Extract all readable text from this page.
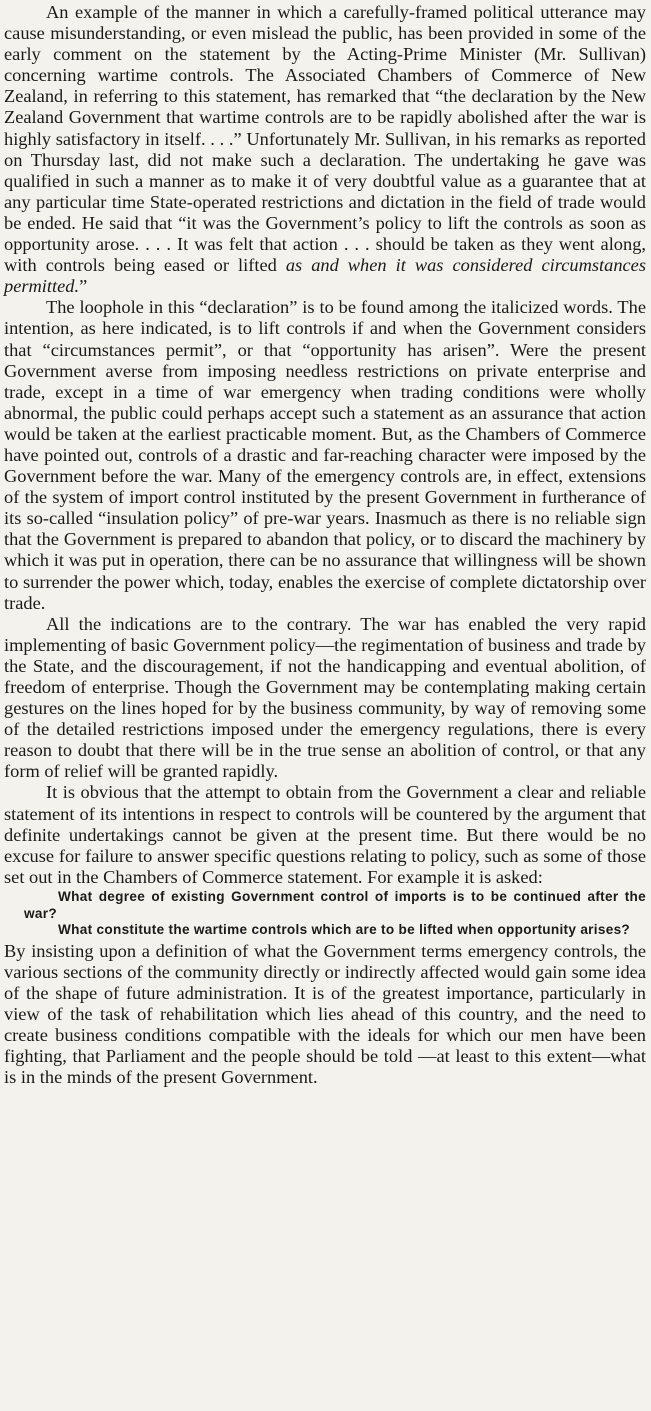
An example of the manner in which a carefully-framed political utterance may cause misunderstanding, or even mislead the public, has been provided in some of the early comment on the statement by the Acting-Prime Minister (Mr. Sullivan) concerning wartime controls. The Associated Chambers of Commerce of New Zealand, in referring to this statement, has remarked that “the declaration by the New Zealand Government that wartime controls are to be rapidly abolished after the war is highly satisfactory in itself. . . .” Unfortunately Mr. Sullivan, in his remarks as reported on Thursday last, did not make such a declaration. The undertaking he gave was qualified in such a manner as to make it of very doubtful value as a guarantee that at any particular time State-operated restrictions and dictation in the field of trade would be ended. He said that “it was the Government’s policy to lift the controls as soon as opportunity arose. . . . It was felt that action . . . should be taken as they went along, with controls being eased or lifted as and when it was considered circumstances permitted.”

The loophole in this “declaration” is to be found among the italicized words. The intention, as here indicated, is to lift controls if and when the Government considers that “circumstances permit”, or that “opportunity has arisen”. Were the present Government averse from imposing needless restrictions on private enterprise and trade, except in a time of war emergency when trading conditions were wholly abnormal, the public could perhaps accept such a statement as an assurance that action would be taken at the earliest practicable moment. But, as the Chambers of Commerce have pointed out, controls of a drastic and far-reaching character were imposed by the Government before the war. Many of the emergency controls are, in effect, extensions of the system of import control instituted by the present Government in furtherance of its so-called “insulation policy” of pre-war years. Inasmuch as there is no reliable sign that the Government is prepared to abandon that policy, or to discard the machinery by which it was put in operation, there can be no assurance that willingness will be shown to surrender the power which, today, enables the exercise of complete dictatorship over trade.

All the indications are to the contrary. The war has enabled the very rapid implementing of basic Government policy—the regimentation of business and trade by the State, and the discouragement, if not the handicapping and eventual abolition, of freedom of enterprise. Though the Government may be contemplating making certain gestures on the lines hoped for by the business community, by way of removing some of the detailed restrictions imposed under the emergency regulations, there is every reason to doubt that there will be in the true sense an abolition of control, or that any form of relief will be granted rapidly.

It is obvious that the attempt to obtain from the Government a clear and reliable statement of its intentions in respect to controls will be countered by the argument that definite undertakings cannot be given at the present time. But there would be no excuse for failure to answer specific questions relating to policy, such as some of those set out in the Chambers of Commerce statement. For example it is asked:

What degree of existing Government control of imports is to be continued after the war?

What constitute the wartime controls which are to be lifted when opportunity arises?

By insisting upon a definition of what the Government terms emergency controls, the various sections of the community directly or indirectly affected would gain some idea of the shape of future administration. It is of the greatest importance, particularly in view of the task of rehabilitation which lies ahead of this country, and the need to create business conditions compatible with the ideals for which our men have been fighting, that Parliament and the people should be told —at least to this extent—what is in the minds of the present Government.
